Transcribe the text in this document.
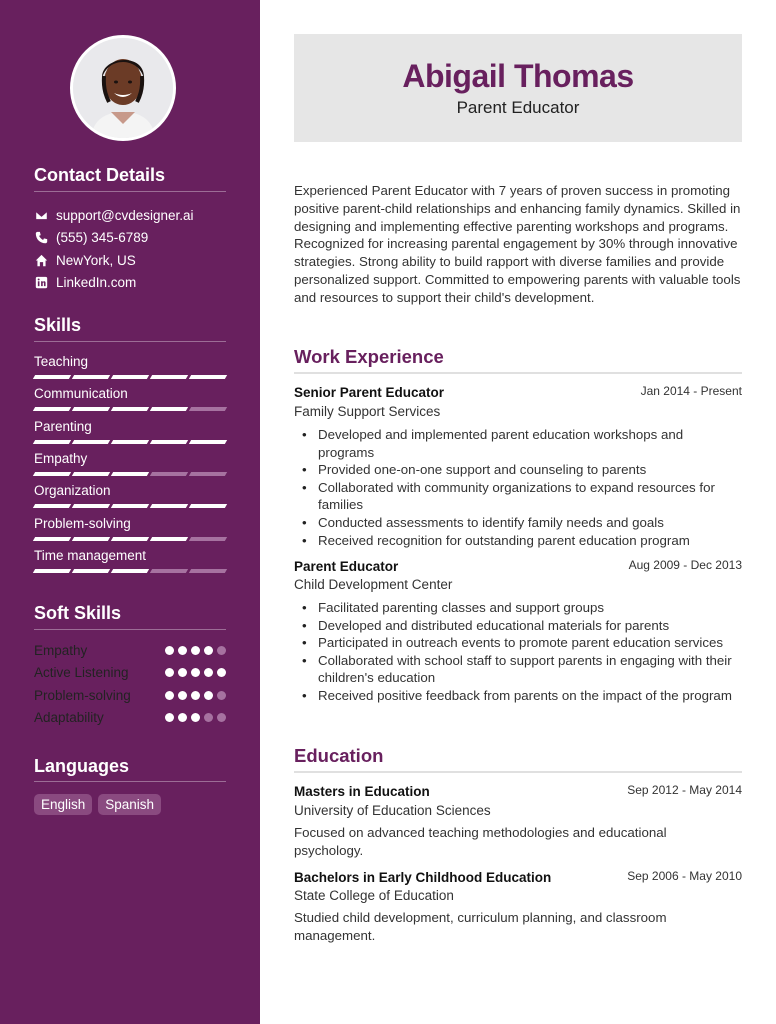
Contact Details
support@cvdesigner.ai
(555) 345-6789
NewYork, US
LinkedIn.com
Skills
Teaching
Communication
Parenting
Empathy
Organization
Problem-solving
Time management
Soft Skills
Empathy
Active Listening
Problem-solving
Adaptability
Languages
English	Spanish
Abigail Thomas
Parent Educator
Experienced Parent Educator with 7 years of proven success in promoting positive parent-child relationships and enhancing family dynamics. Skilled in designing and implementing effective parenting workshops and programs. Recognized for increasing parental engagement by 30% through innovative strategies. Strong ability to build rapport with diverse families and provide personalized support. Committed to empowering parents with valuable tools and resources to support their child's development.
Work Experience
Senior Parent Educator	Jan 2014 - Present
Family Support Services
• Developed and implemented parent education workshops and programs
• Provided one-on-one support and counseling to parents
• Collaborated with community organizations to expand resources for families
• Conducted assessments to identify family needs and goals
• Received recognition for outstanding parent education program
Parent Educator	Aug 2009 - Dec 2013
Child Development Center
• Facilitated parenting classes and support groups
• Developed and distributed educational materials for parents
• Participated in outreach events to promote parent education services
• Collaborated with school staff to support parents in engaging with their children's education
• Received positive feedback from parents on the impact of the program
Education
Masters in Education	Sep 2012 - May 2014
University of Education Sciences
Focused on advanced teaching methodologies and educational psychology.
Bachelors in Early Childhood Education	Sep 2006 - May 2010
State College of Education
Studied child development, curriculum planning, and classroom management.
